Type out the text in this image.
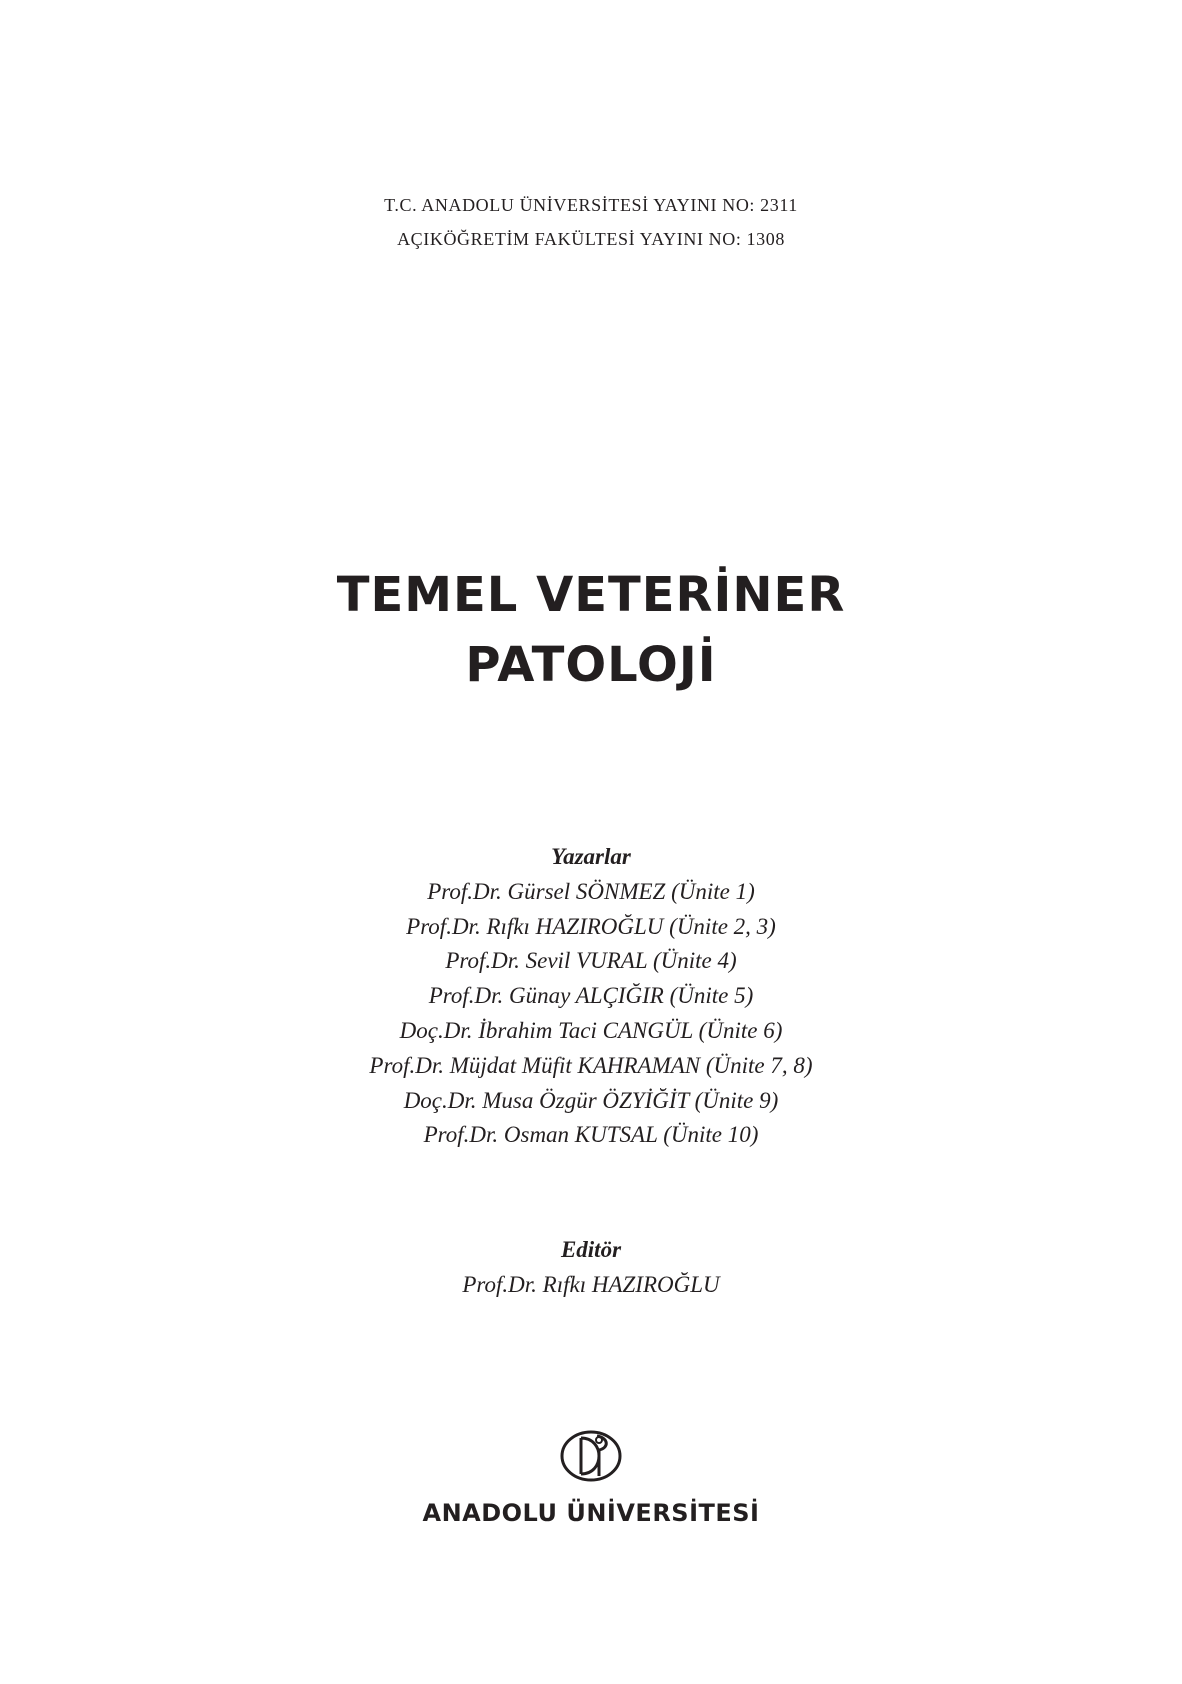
T.C. ANADOLU ÜNİVERSİTESİ YAYINI NO: 2311
AÇIKÖĞRETİM FAKÜLTESİ YAYINI NO: 1308
TEMEL VETERİNER
PATOLOJİ
Yazarlar
Prof.Dr. Gürsel SÖNMEZ (Ünite 1)
Prof.Dr. Rıfkı HAZIROĞLU (Ünite 2, 3)
Prof.Dr. Sevil VURAL (Ünite 4)
Prof.Dr. Günay ALÇIĞIR (Ünite 5)
Doç.Dr. İbrahim Taci CANGÜL (Ünite 6)
Prof.Dr. Müjdat Müfit KAHRAMAN (Ünite 7, 8)
Doç.Dr. Musa Özgür ÖZYİĞİT (Ünite 9)
Prof.Dr. Osman KUTSAL (Ünite 10)
Editör
Prof.Dr. Rıfkı HAZIROĞLU
ANADOLU ÜNİVERSİTESİ
